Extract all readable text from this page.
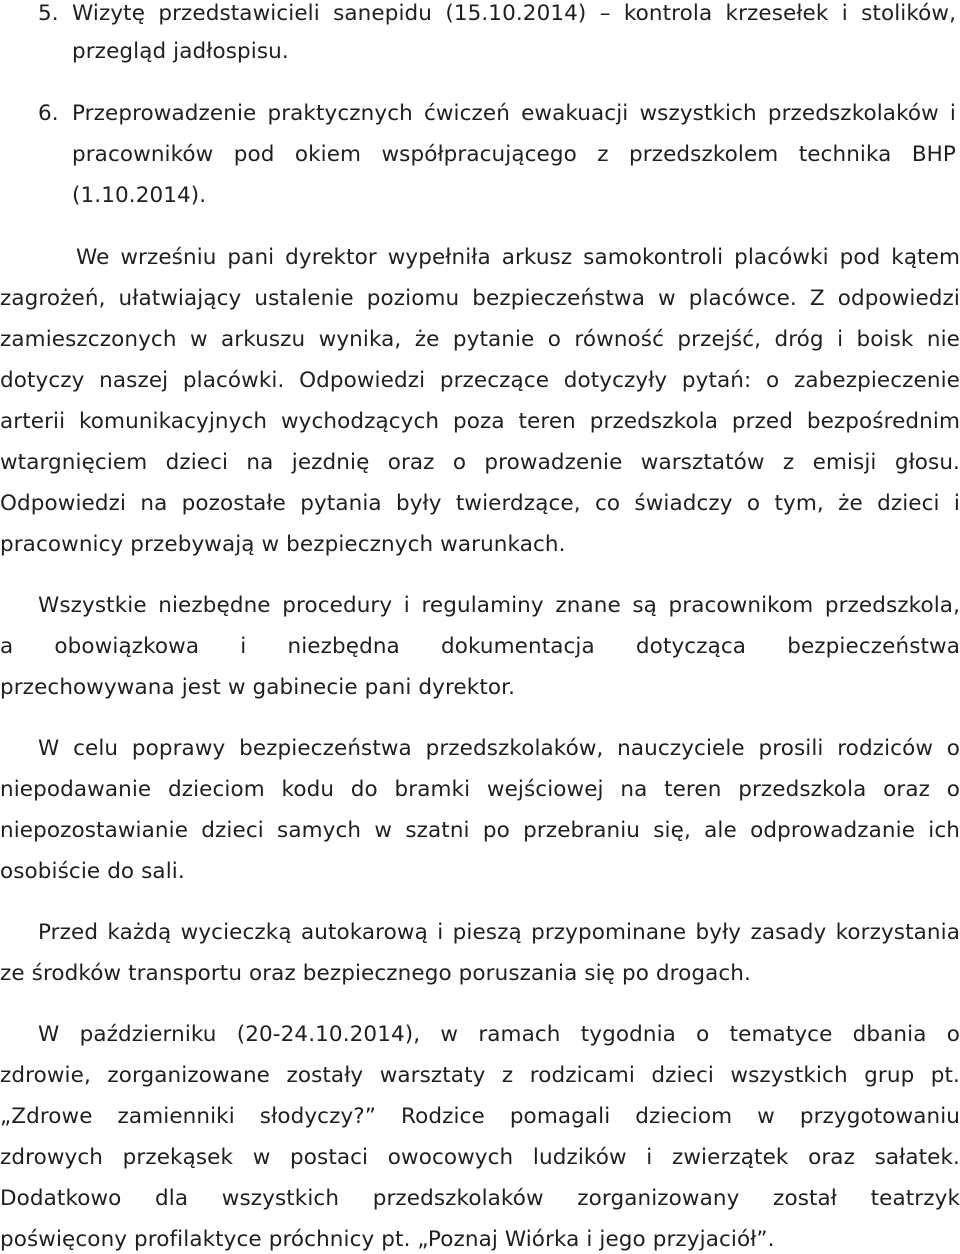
5. Wizytę przedstawicieli sanepidu (15.10.2014) – kontrola krzesełek i stolików,
przegląd jadłospisu.
6. Przeprowadzenie praktycznych ćwiczeń ewakuacji wszystkich przedszkolaków i
pracowników pod okiem współpracującego z przedszkolem technika BHP
(1.10.2014).
We wrześniu pani dyrektor wypełniła arkusz samokontroli placówki pod kątem
zagrożeń, ułatwiający ustalenie poziomu bezpieczeństwa w placówce. Z odpowiedzi
zamieszczonych w arkuszu wynika, że pytanie o równość przejść, dróg i boisk nie
dotyczy naszej placówki. Odpowiedzi przeczące dotyczyły pytań: o zabezpieczenie
arterii komunikacyjnych wychodzących poza teren przedszkola przed bezpośrednim
wtargnięciem dzieci na jezdnię oraz o prowadzenie warsztatów z emisji głosu.
Odpowiedzi na pozostałe pytania były twierdzące, co świadczy o tym, że dzieci i
pracownicy przebywają w bezpiecznych warunkach.
Wszystkie niezbędne procedury i regulaminy znane są pracownikom przedszkola,
a obowiązkowa i niezbędna dokumentacja dotycząca bezpieczeństwa
przechowywana jest w gabinecie pani dyrektor.
W celu poprawy bezpieczeństwa przedszkolaków, nauczyciele prosili rodziców o
niepodawanie dzieciom kodu do bramki wejściowej na teren przedszkola oraz o
niepozostawianie dzieci samych w szatni po przebraniu się, ale odprowadzanie ich
osobiście do sali.
Przed każdą wycieczką autokarową i pieszą przypominane były zasady korzystania
ze środków transportu oraz bezpiecznego poruszania się po drogach.
W październiku (20-24.10.2014), w ramach tygodnia o tematyce dbania o
zdrowie, zorganizowane zostały warsztaty z rodzicami dzieci wszystkich grup pt.
„Zdrowe zamienniki słodyczy?” Rodzice pomagali dzieciom w przygotowaniu
zdrowych przekąsek w postaci owocowych ludzików i zwierzątek oraz sałatek.
Dodatkowo dla wszystkich przedszkolaków zorganizowany został teatrzyk
poświęcony profilaktyce próchnicy pt. „Poznaj Wiórka i jego przyjaciół”.
